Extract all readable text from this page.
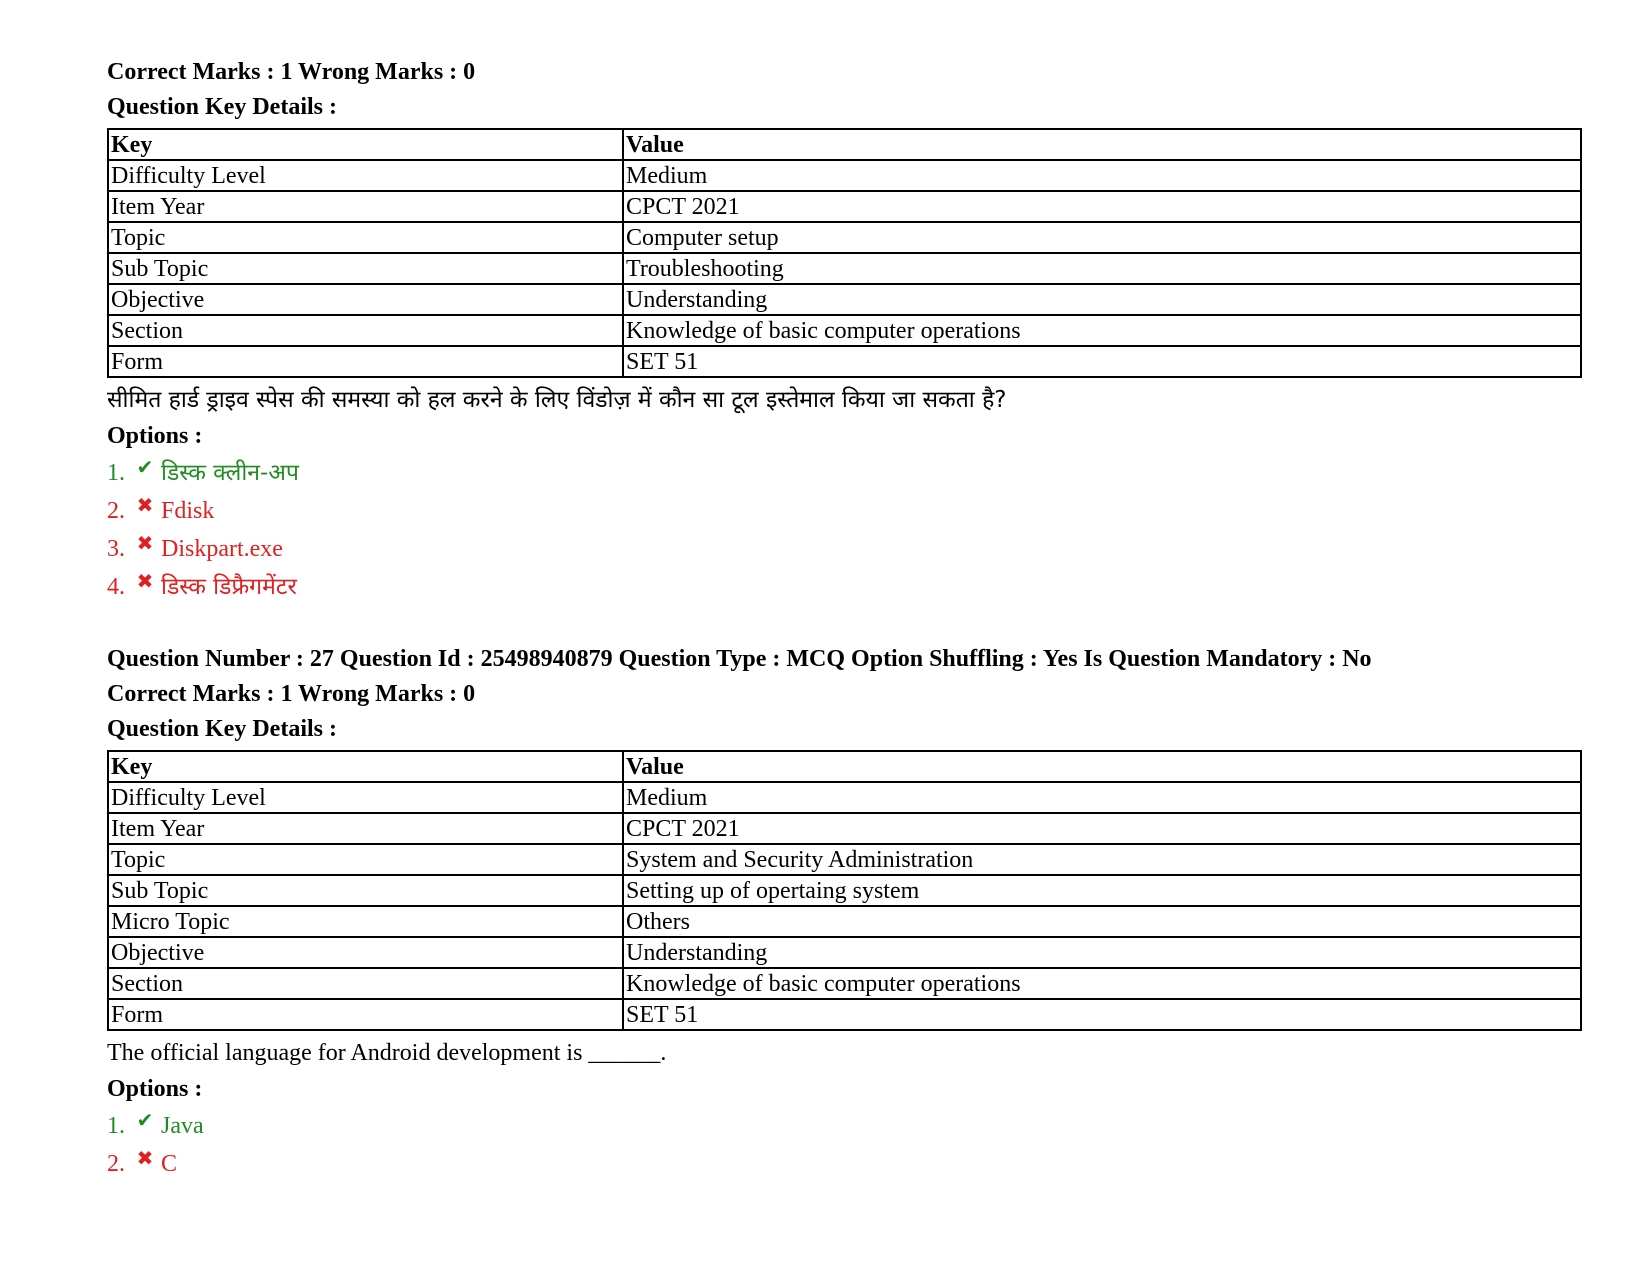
Correct Marks : 1 Wrong Marks : 0
Question Key Details :
Key	Value
Difficulty Level	Medium
Item Year	CPCT 2021
Topic	Computer setup
Sub Topic	Troubleshooting
Objective	Understanding
Section	Knowledge of basic computer operations
Form	SET 51
सीमित हार्ड ड्राइव स्पेस की समस्या को हल करने के लिए विंडोज़ में कौन सा टूल इस्तेमाल किया जा सकता है?
Options :
1. ✔ डिस्क क्लीन-अप
2. ✖ Fdisk
3. ✖ Diskpart.exe
4. ✖ डिस्क डिफ्रैगमेंटर
Question Number : 27 Question Id : 25498940879 Question Type : MCQ Option Shuffling : Yes Is Question Mandatory : No
Correct Marks : 1 Wrong Marks : 0
Question Key Details :
Key	Value
Difficulty Level	Medium
Item Year	CPCT 2021
Topic	System and Security Administration
Sub Topic	Setting up of opertaing system
Micro Topic	Others
Objective	Understanding
Section	Knowledge of basic computer operations
Form	SET 51
The official language for Android development is ______.
Options :
1. ✔ Java
2. ✖ C
